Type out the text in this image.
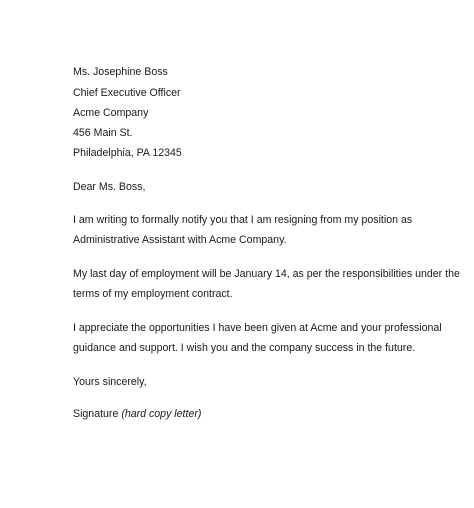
Ms. Josephine Boss
Chief Executive Officer
Acme Company
456 Main St.
Philadelphia, PA 12345
Dear Ms. Boss,
I am writing to formally notify you that I am resigning from my position as
Administrative Assistant with Acme Company.
My last day of employment will be January 14, as per the responsibilities under the
terms of my employment contract.
I appreciate the opportunities I have been given at Acme and your professional
guidance and support. I wish you and the company success in the future.
Yours sincerely,
Signature (hard copy letter)
